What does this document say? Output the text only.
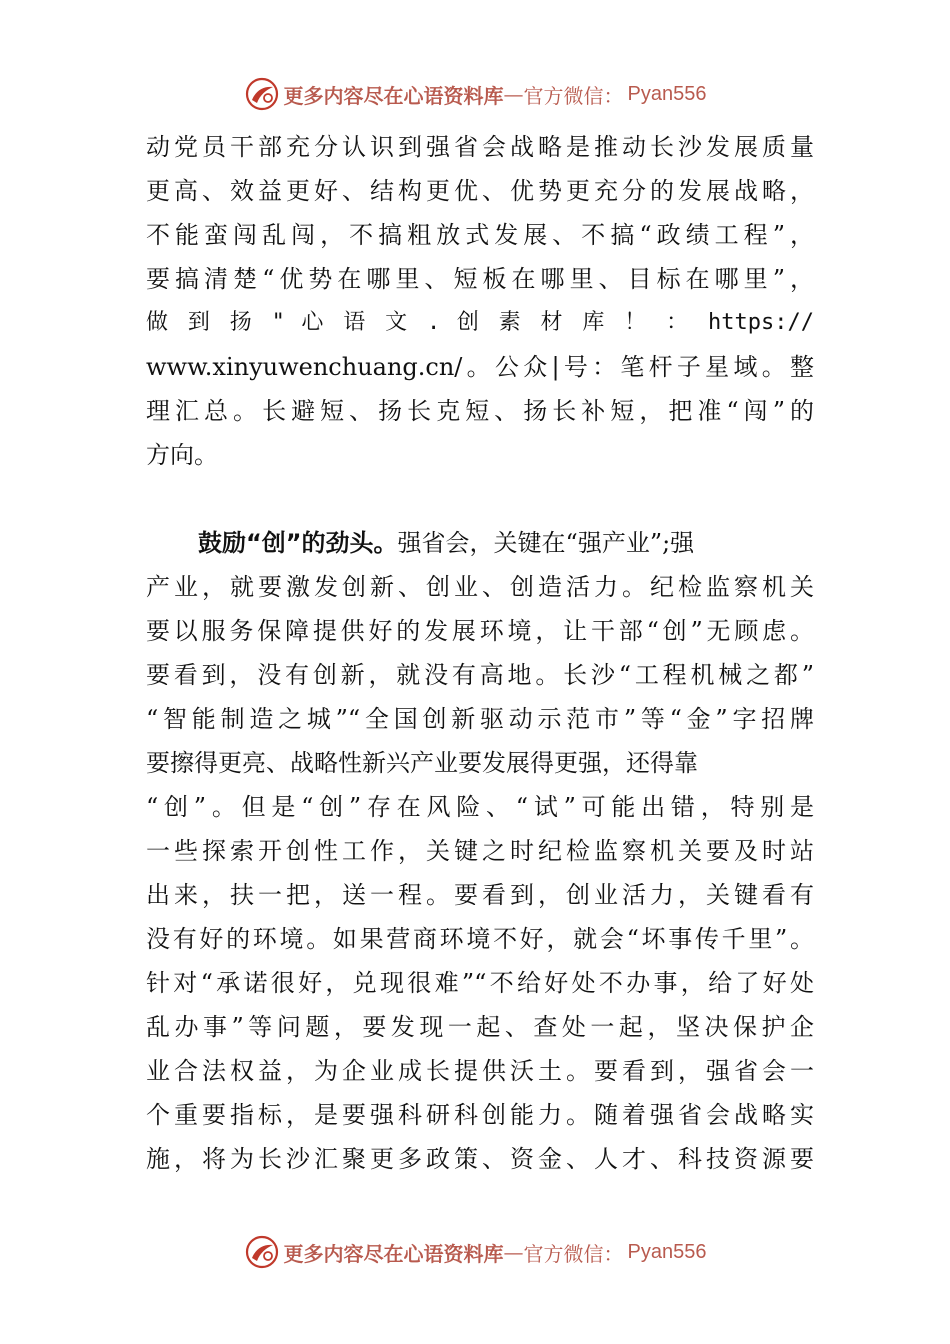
更多内容尽在心语资料库 — 官方微信： Pyan556
动党员干部充分认识到强省会战略是推动长沙发展质量
更高、效益更好、结构更优、优势更充分的发展战略，
不能蛮闯乱闯，不搞粗放式发展、不搞“政绩工程”，
要搞清楚“优势在哪里、短板在哪里、目标在哪里”，
做 到 扬 " 心 语 文 . 创 素 材 库 ！ ： https://
www.xinyuwenchuang.cn/。公众|号：笔杆子星域。整
理汇总。长避短、扬长克短、扬长补短，把准“闯”的
方向。
鼓励“创”的劲头。强省会，关键在“强产业”;强
产业，就要激发创新、创业、创造活力。纪检监察机关
要以服务保障提供好的发展环境，让干部“创”无顾虑。
要看到，没有创新，就没有高地。长沙“工程机械之都”
“智能制造之城”“全国创新驱动示范市”等“金”字招牌
要擦得更亮、战略性新兴产业要发展得更强，还得靠
“创”。但是“创”存在风险、“试”可能出错，特别是
一些探索开创性工作，关键之时纪检监察机关要及时站
出来，扶一把，送一程。要看到，创业活力，关键看有
没有好的环境。如果营商环境不好，就会“坏事传千里”。
针对“承诺很好，兑现很难”“不给好处不办事，给了好处
乱办事”等问题，要发现一起、查处一起，坚决保护企
业合法权益，为企业成长提供沃土。要看到，强省会一
个重要指标，是要强科研科创能力。随着强省会战略实
施，将为长沙汇聚更多政策、资金、人才、科技资源要
更多内容尽在心语资料库 — 官方微信： Pyan556
